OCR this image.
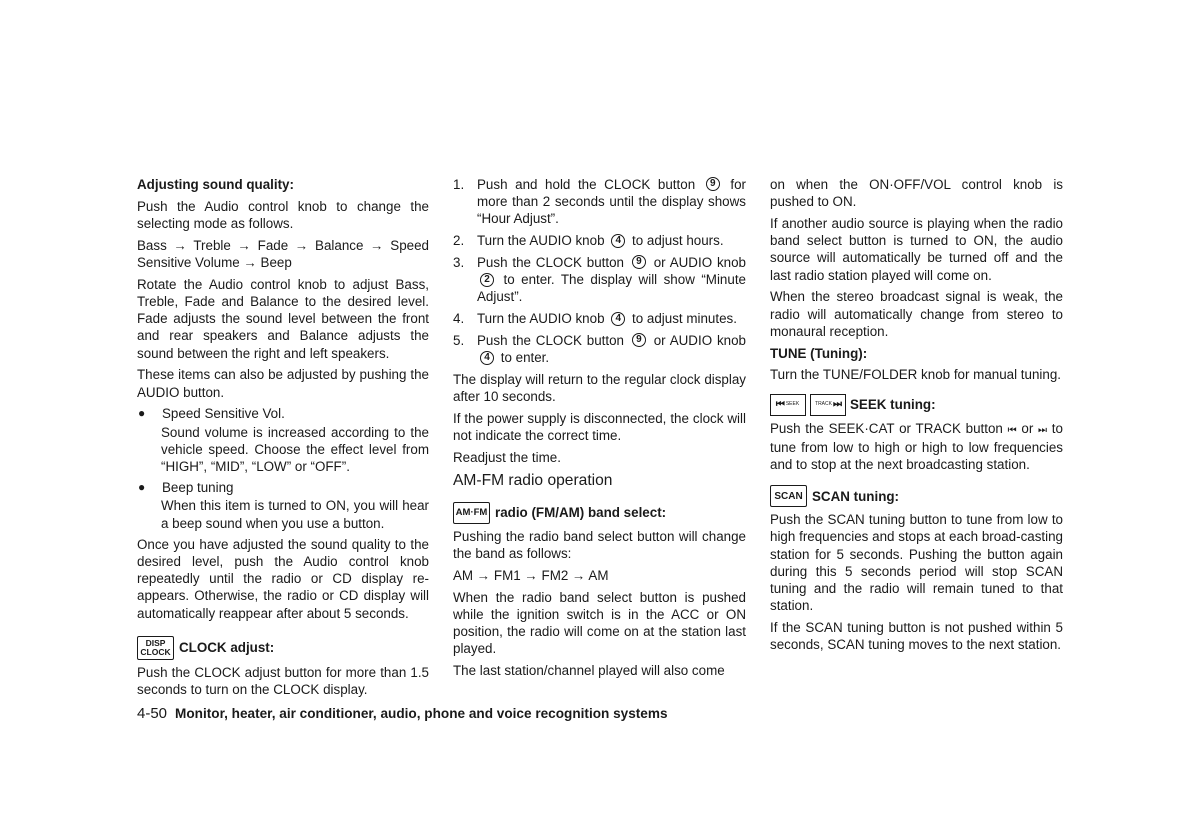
Adjusting sound quality:

Push the Audio control knob to change the selecting mode as follows.

Bass → Treble → Fade → Balance → Speed Sensitive Volume → Beep

Rotate the Audio control knob to adjust Bass, Treble, Fade and Balance to the desired level. Fade adjusts the sound level between the front and rear speakers and Balance adjusts the sound between the right and left speakers.

These items can also be adjusted by pushing the AUDIO button.

●	Speed Sensitive Vol.

Sound volume is increased according to the vehicle speed. Choose the effect level from “HIGH”, “MID”, “LOW” or “OFF”.

●	Beep tuning

When this item is turned to ON, you will hear a beep sound when you use a button.

Once you have adjusted the sound quality to the desired level, push the Audio control knob repeatedly until the radio or CD display re-appears. Otherwise, the radio or CD display will automatically reappear after about 5 seconds.

DISP
CLOCK CLOCK adjust:

Push the CLOCK adjust button for more than 1.5 seconds to turn on the CLOCK display.

1. Push and hold the CLOCK button 9 for more than 2 seconds until the display shows “Hour Adjust”.
2. Turn the AUDIO knob 4 to adjust hours.
3. Push the CLOCK button 9 or AUDIO knob 2 to enter. The display will show “Minute Adjust”.
4. Turn the AUDIO knob 4 to adjust minutes.
5. Push the CLOCK button 9 or AUDIO knob 4 to enter.

The display will return to the regular clock display after 10 seconds.

If the power supply is disconnected, the clock will not indicate the correct time.

Readjust the time.

AM-FM radio operation

AM·FM radio (FM/AM) band select:

Pushing the radio band select button will change the band as follows:

AM → FM1 → FM2 → AM

When the radio band select button is pushed while the ignition switch is in the ACC or ON position, the radio will come on at the station last played.

The last station/channel played will also come

on when the ON·OFF/VOL control knob is pushed to ON.

If another audio source is playing when the radio band select button is turned to ON, the audio source will automatically be turned off and the last radio station played will come on.

When the stereo broadcast signal is weak, the radio will automatically change from stereo to monaural reception.

TUNE (Tuning):

Turn the TUNE/FOLDER knob for manual tuning.

⏮ SEEK	TRACK ⏭ SEEK tuning:

Push the SEEK·CAT or TRACK button ⏮ or ⏭ to tune from low to high or high to low frequencies and to stop at the next broadcasting station.

SCAN SCAN tuning:

Push the SCAN tuning button to tune from low to high frequencies and stops at each broad-casting station for 5 seconds. Pushing the button again during this 5 seconds period will stop SCAN tuning and the radio will remain tuned to that station.

If the SCAN tuning button is not pushed within 5 seconds, SCAN tuning moves to the next station.

4-50 Monitor, heater, air conditioner, audio, phone and voice recognition systems
